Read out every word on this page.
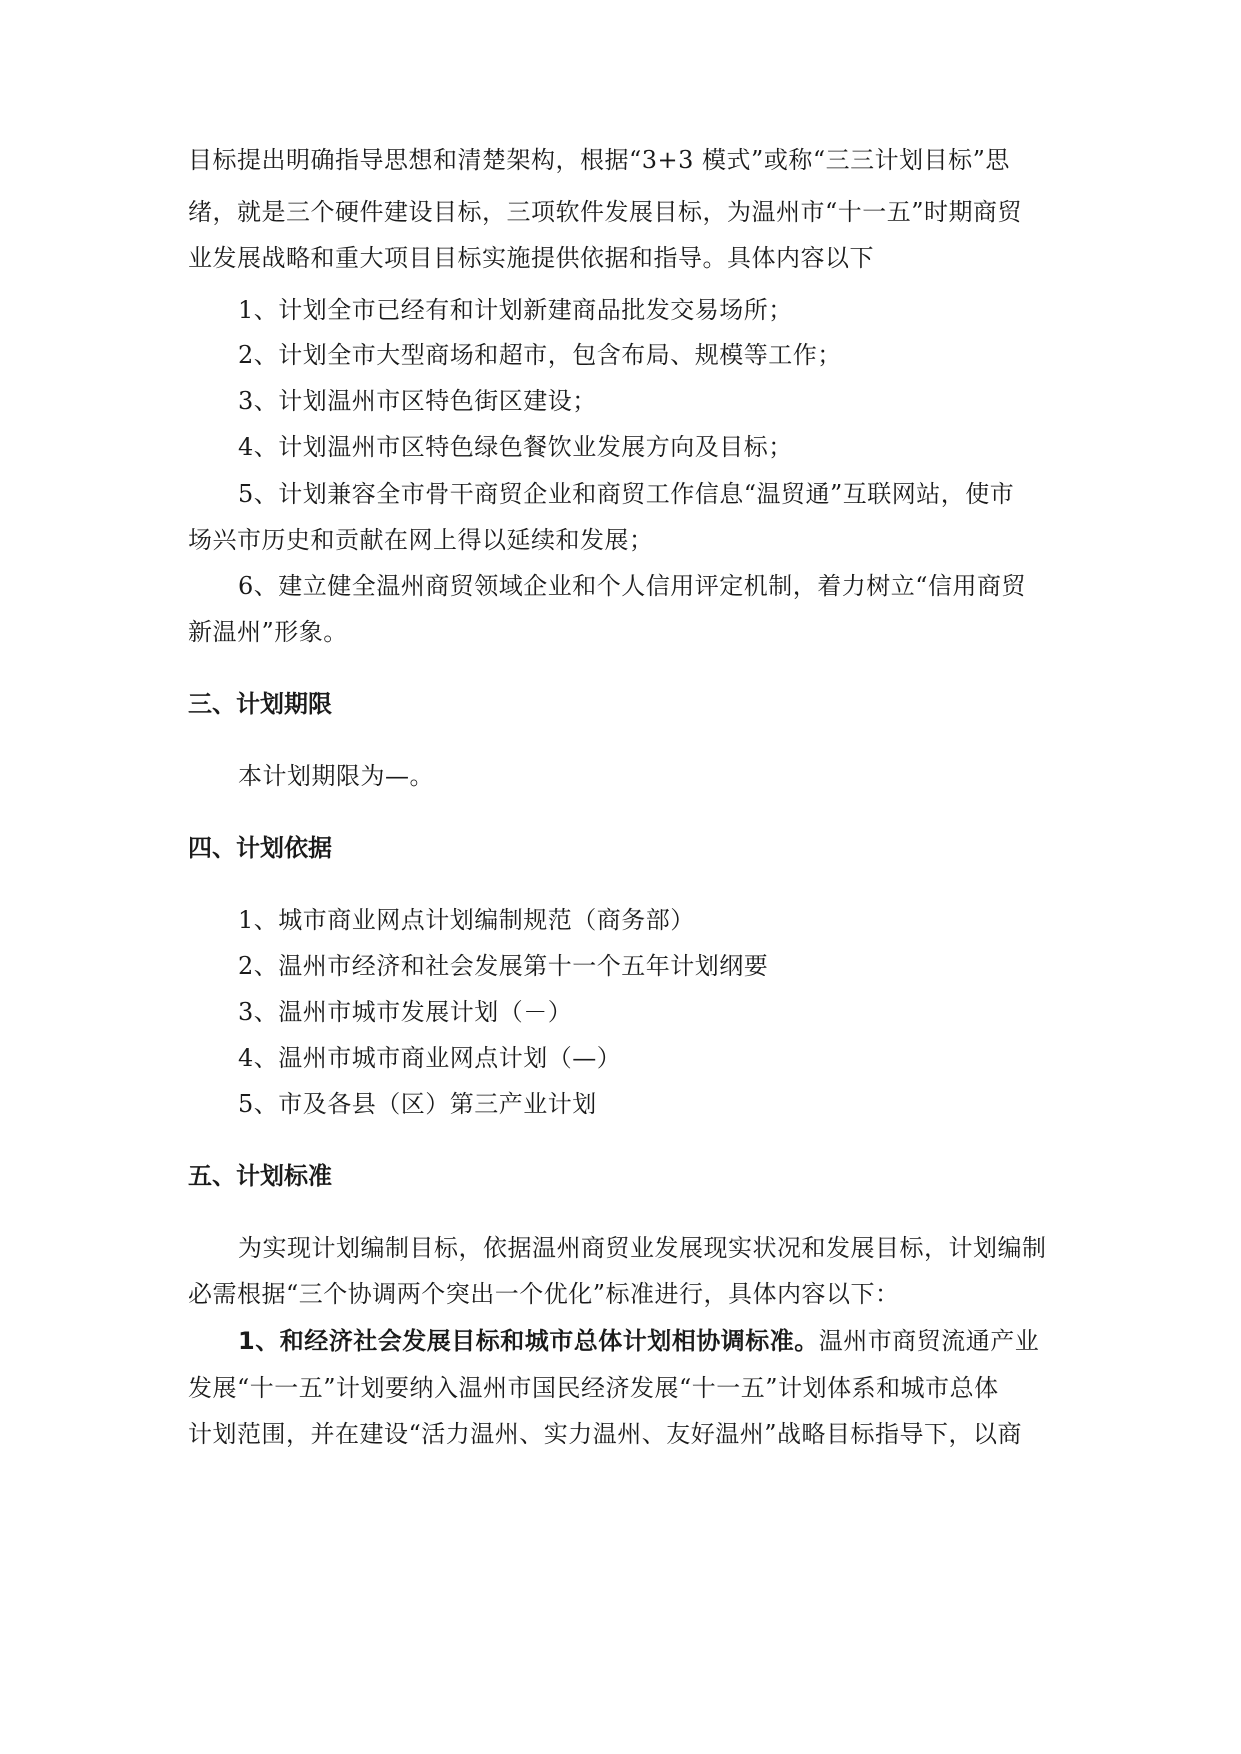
目标提出明确指导思想和清楚架构，根据“3+3 模式”或称“三三计划目标”思
绪，就是三个硬件建设目标，三项软件发展目标，为温州市“十一五”时期商贸
业发展战略和重大项目目标实施提供依据和指导。具体内容以下
1、计划全市已经有和计划新建商品批发交易场所；
2、计划全市大型商场和超市，包含布局、规模等工作；
3、计划温州市区特色街区建设；
4、计划温州市区特色绿色餐饮业发展方向及目标；
5、计划兼容全市骨干商贸企业和商贸工作信息“温贸通”互联网站，使市
场兴市历史和贡献在网上得以延续和发展；
6、建立健全温州商贸领域企业和个人信用评定机制，着力树立“信用商贸
新温州”形象。
三、计划期限
本计划期限为—。
四、计划依据
1、城市商业网点计划编制规范（商务部）
2、温州市经济和社会发展第十一个五年计划纲要
3、温州市城市发展计划（－）
4、温州市城市商业网点计划（—）
5、市及各县（区）第三产业计划
五、计划标准
为实现计划编制目标，依据温州商贸业发展现实状况和发展目标，计划编制
必需根据“三个协调两个突出一个优化”标准进行，具体内容以下：
1、和经济社会发展目标和城市总体计划相协调标准。温州市商贸流通产业
发展“十一五”计划要纳入温州市国民经济发展“十一五”计划体系和城市总体
计划范围，并在建设“活力温州、实力温州、友好温州”战略目标指导下，以商
